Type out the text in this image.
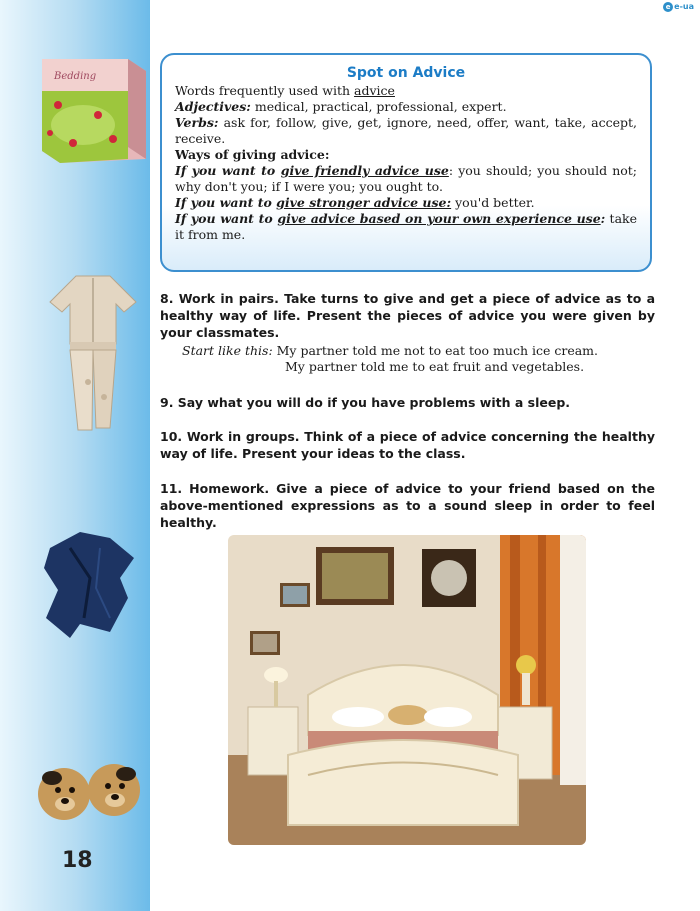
e e-ua
Bedding	Spot on Advice
Words frequently used with advice
Adjectives: medical, practical, professional, expert.
Verbs: ask for, follow, give, get, ignore, need, offer, want, take, accept, receive.
Ways of giving advice:
If you want to give friendly advice use: you should; you should not; why don't you; if I were you; you ought to.
If you want to give stronger advice use: you'd better.
If you want to give advice based on your own experience use: take it from me.
8. Work in pairs. Take turns to give and get a piece of advice as to a healthy way of life. Present the pieces of advice you were given by your classmates.
Start like this: My partner told me not to eat too much ice cream.
My partner told me to eat fruit and vegetables.
9. Say what you will do if you have problems with a sleep.
10. Work in groups. Think of a piece of advice concerning the healthy way of life. Present your ideas to the class.
11. Homework. Give a piece of advice to your friend based on the above-mentioned expressions as to a sound sleep in order to feel healthy.
18
